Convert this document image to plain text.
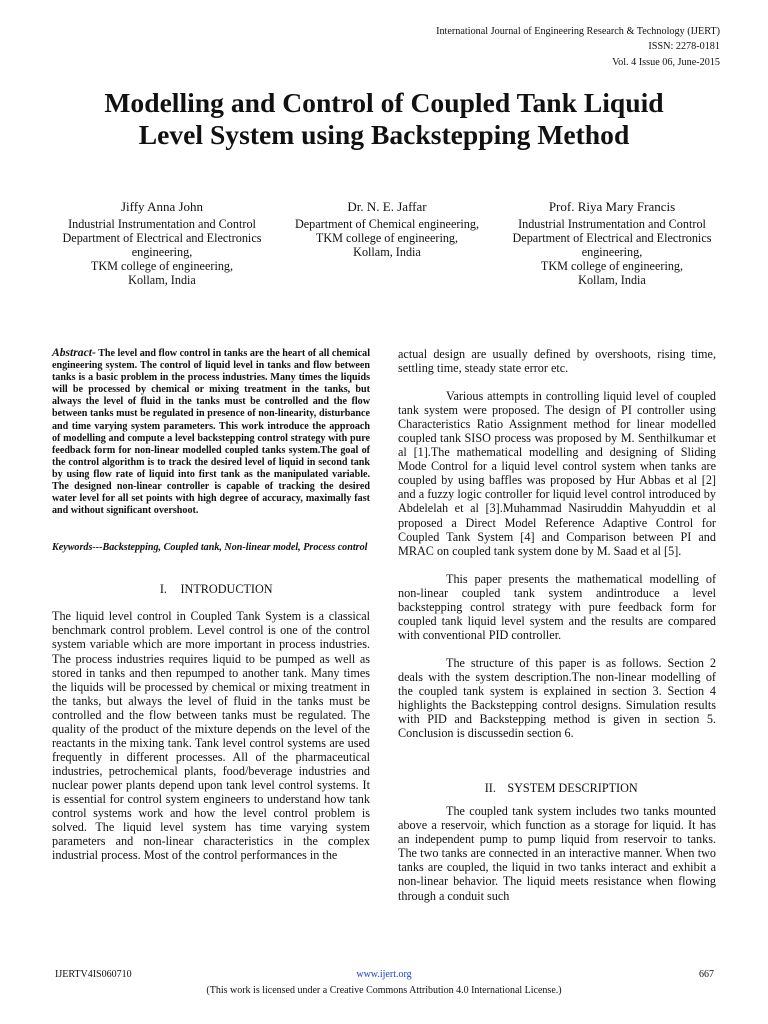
International Journal of Engineering Research & Technology (IJERT)
ISSN: 2278-0181
Vol. 4 Issue 06, June-2015
Modelling and Control of Coupled Tank Liquid
Level System using Backstepping Method
Jiffy Anna John
Industrial Instrumentation and Control
Department of Electrical and Electronics
engineering,
TKM college of engineering,
Kollam, India
Dr. N. E. Jaffar
Department of Chemical engineering,
TKM college of engineering,
Kollam, India
Prof. Riya Mary Francis
Industrial Instrumentation and Control
Department of Electrical and Electronics
engineering,
TKM college of engineering,
Kollam, India

Abstract- The level and flow control in tanks are the heart of all chemical engineering system. The control of liquid level in tanks and flow between tanks is a basic problem in the process industries. Many times the liquids will be processed by chemical or mixing treatment in the tanks, but always the level of fluid in the tanks must be controlled and the flow between tanks must be regulated in presence of non-linearity, disturbance and time varying system parameters. This work introduce the approach of modelling and compute a level backstepping control strategy with pure feedback form for non-linear modelled coupled tanks system.The goal of the control algorithm is to track the desired level of liquid in second tank by using flow rate of liquid into first tank as the manipulated variable. The designed non-linear controller is capable of tracking the desired water level for all set points with high degree of accuracy, maximally fast and without significant overshoot.

Keywords---Backstepping, Coupled tank, Non-linear model, Process control

I. INTRODUCTION

The liquid level control in Coupled Tank System is a classical benchmark control problem. Level control is one of the control system variable which are more important in process industries. The process industries requires liquid to be pumped as well as stored in tanks and then repumped to another tank. Many times the liquids will be processed by chemical or mixing treatment in the tanks, but always the level of fluid in the tanks must be controlled and the flow between tanks must be regulated. The quality of the product of the mixture depends on the level of the reactants in the mixing tank. Tank level control systems are used frequently in different processes. All of the pharmaceutical industries, petrochemical plants, food/beverage industries and nuclear power plants depend upon tank level control systems. It is essential for control system engineers to understand how tank control systems work and how the level control problem is solved. The liquid level system has time varying system parameters and non-linear characteristics in the complex industrial process. Most of the control performances in the

actual design are usually defined by overshoots, rising time, settling time, steady state error etc.

Various attempts in controlling liquid level of coupled tank system were proposed. The design of PI controller using Characteristics Ratio Assignment method for linear modelled coupled tank SISO process was proposed by M. Senthilkumar et al [1].The mathematical modelling and designing of Sliding Mode Control for a liquid level control system when tanks are coupled by using baffles was proposed by Hur Abbas et al [2] and a fuzzy logic controller for liquid level control introduced by Abdelelah et al [3].Muhammad Nasiruddin Mahyuddin et al proposed a Direct Model Reference Adaptive Control for Coupled Tank System [4] and Comparison between PI and MRAC on coupled tank system done by M. Saad et al [5].

This paper presents the mathematical modelling of non-linear coupled tank system andintroduce a level backstepping control strategy with pure feedback form for coupled tank liquid level system and the results are compared with conventional PID controller.

The structure of this paper is as follows. Section 2 deals with the system description.The non-linear modelling of the coupled tank system is explained in section 3. Section 4 highlights the Backstepping control designs. Simulation results with PID and Backstepping method is given in section 5. Conclusion is discussedin section 6.

II. SYSTEM DESCRIPTION

The coupled tank system includes two tanks mounted above a reservoir, which function as a storage for liquid. It has an independent pump to pump liquid from reservoir to tanks. The two tanks are connected in an interactive manner. When two tanks are coupled, the liquid in two tanks interact and exhibit a non-linear behavior. The liquid meets resistance when flowing through a conduit such

IJERTV4IS060710	www.ijert.org	667
(This work is licensed under a Creative Commons Attribution 4.0 International License.)
